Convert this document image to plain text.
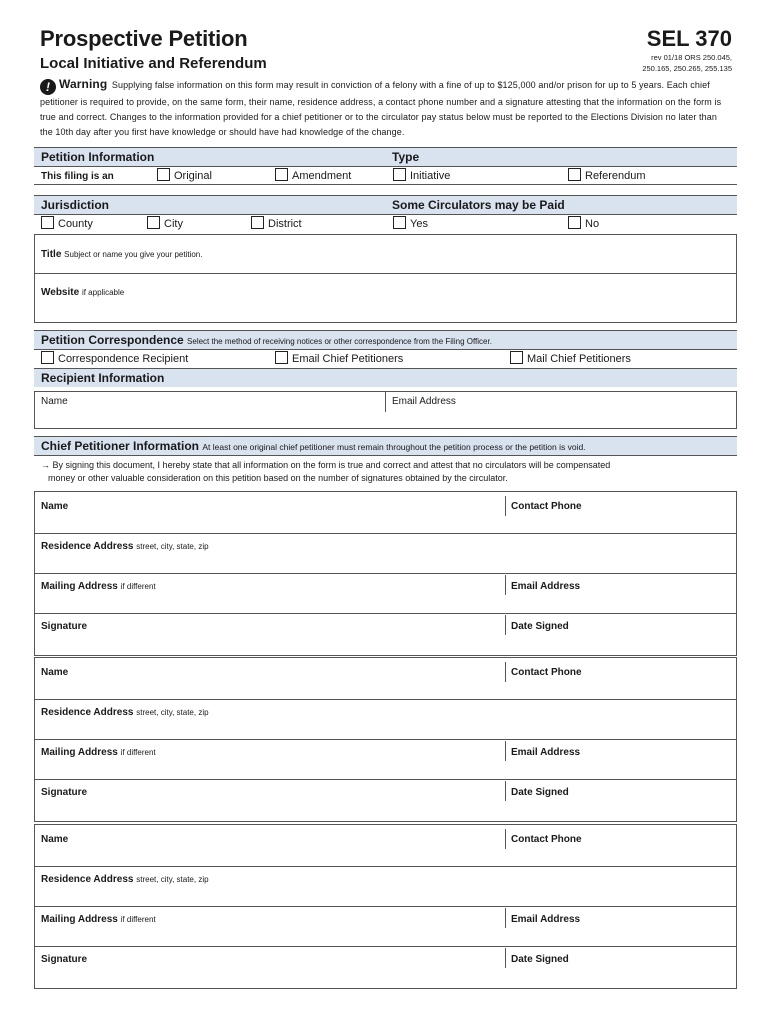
Prospective Petition
Local Initiative and Referendum
SEL 370
rev 01/18 ORS 250.045,
250.165, 250.265, 255.135
! Warning Supplying false information on this form may result in conviction of a felony with a fine of up to $125,000 and/or prison for up to 5 years. Each chief petitioner is required to provide, on the same form, their name, residence address, a contact phone number and a signature attesting that the information on the form is true and correct. Changes to the information provided for a chief petitioner or to the circulator pay status below must be reported to the Elections Division no later than the 10th day after you first have knowledge or should have had knowledge of the change.
Petition Information	Type
This filing is an	Original	Amendment	Initiative	Referendum
Jurisdiction	Some Circulators may be Paid
County	City	District	Yes	No
Title Subject or name you give your petition.
Website if applicable
Petition Correspondence Select the method of receiving notices or other correspondence from the Filing Officer.
Correspondence Recipient	Email Chief Petitioners	Mail Chief Petitioners
Recipient Information
Name	Email Address
Chief Petitioner Information At least one original chief petitioner must remain throughout the petition process or the petition is void.
→ By signing this document, I hereby state that all information on the form is true and correct and attest that no circulators will be compensated
money or other valuable consideration on this petition based on the number of signatures obtained by the circulator.
Name	Contact Phone
Residence Address street, city, state, zip
Mailing Address if different	Email Address
Signature	Date Signed
Name	Contact Phone
Residence Address street, city, state, zip
Mailing Address if different	Email Address
Signature	Date Signed
Name	Contact Phone
Residence Address street, city, state, zip
Mailing Address if different	Email Address
Signature	Date Signed
